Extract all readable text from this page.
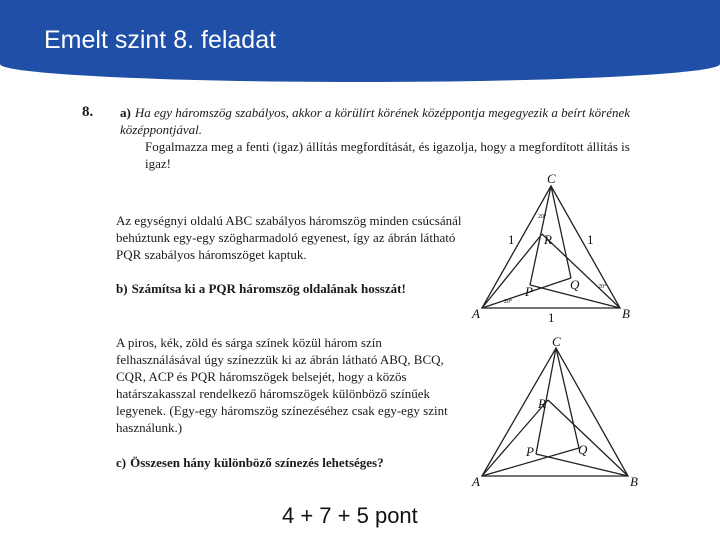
Emelt szint 8. feladat
8. a) Ha egy háromszög szabályos, akkor a körülírt körének középpontja megegyezik a beírt körének középpontjával.

Fogalmazza meg a fenti (igaz) állítás megfordítását, és igazolja, hogy a megfordított állítás is igaz!

Az egységnyi oldalú ABC szabályos háromszög minden csúcsánál behúztunk egy-egy szögharmadoló egyenest, így az ábrán látható PQR szabályos háromszöget kaptuk.

b) Számítsa ki a PQR háromszög oldalának hosszát!

A piros, kék, zöld és sárga színek közül három szín felhasználásával úgy színezzük ki az ábrán látható ABQ, BCQ, CQR, ACP és PQR háromszögek belsejét, hogy a közös határszakasszal rendelkező háromszögek különböző színűek legyenek. (Egy-egy háromszög színezéséhez csak egy-egy szint használunk.)

c) Összesen hány különböző színezés lehetséges?

C
A	B
R
P	Q
1	1
1
20°
20°
20°
C
A	B
R
P	Q
4 + 7 + 5 pont
